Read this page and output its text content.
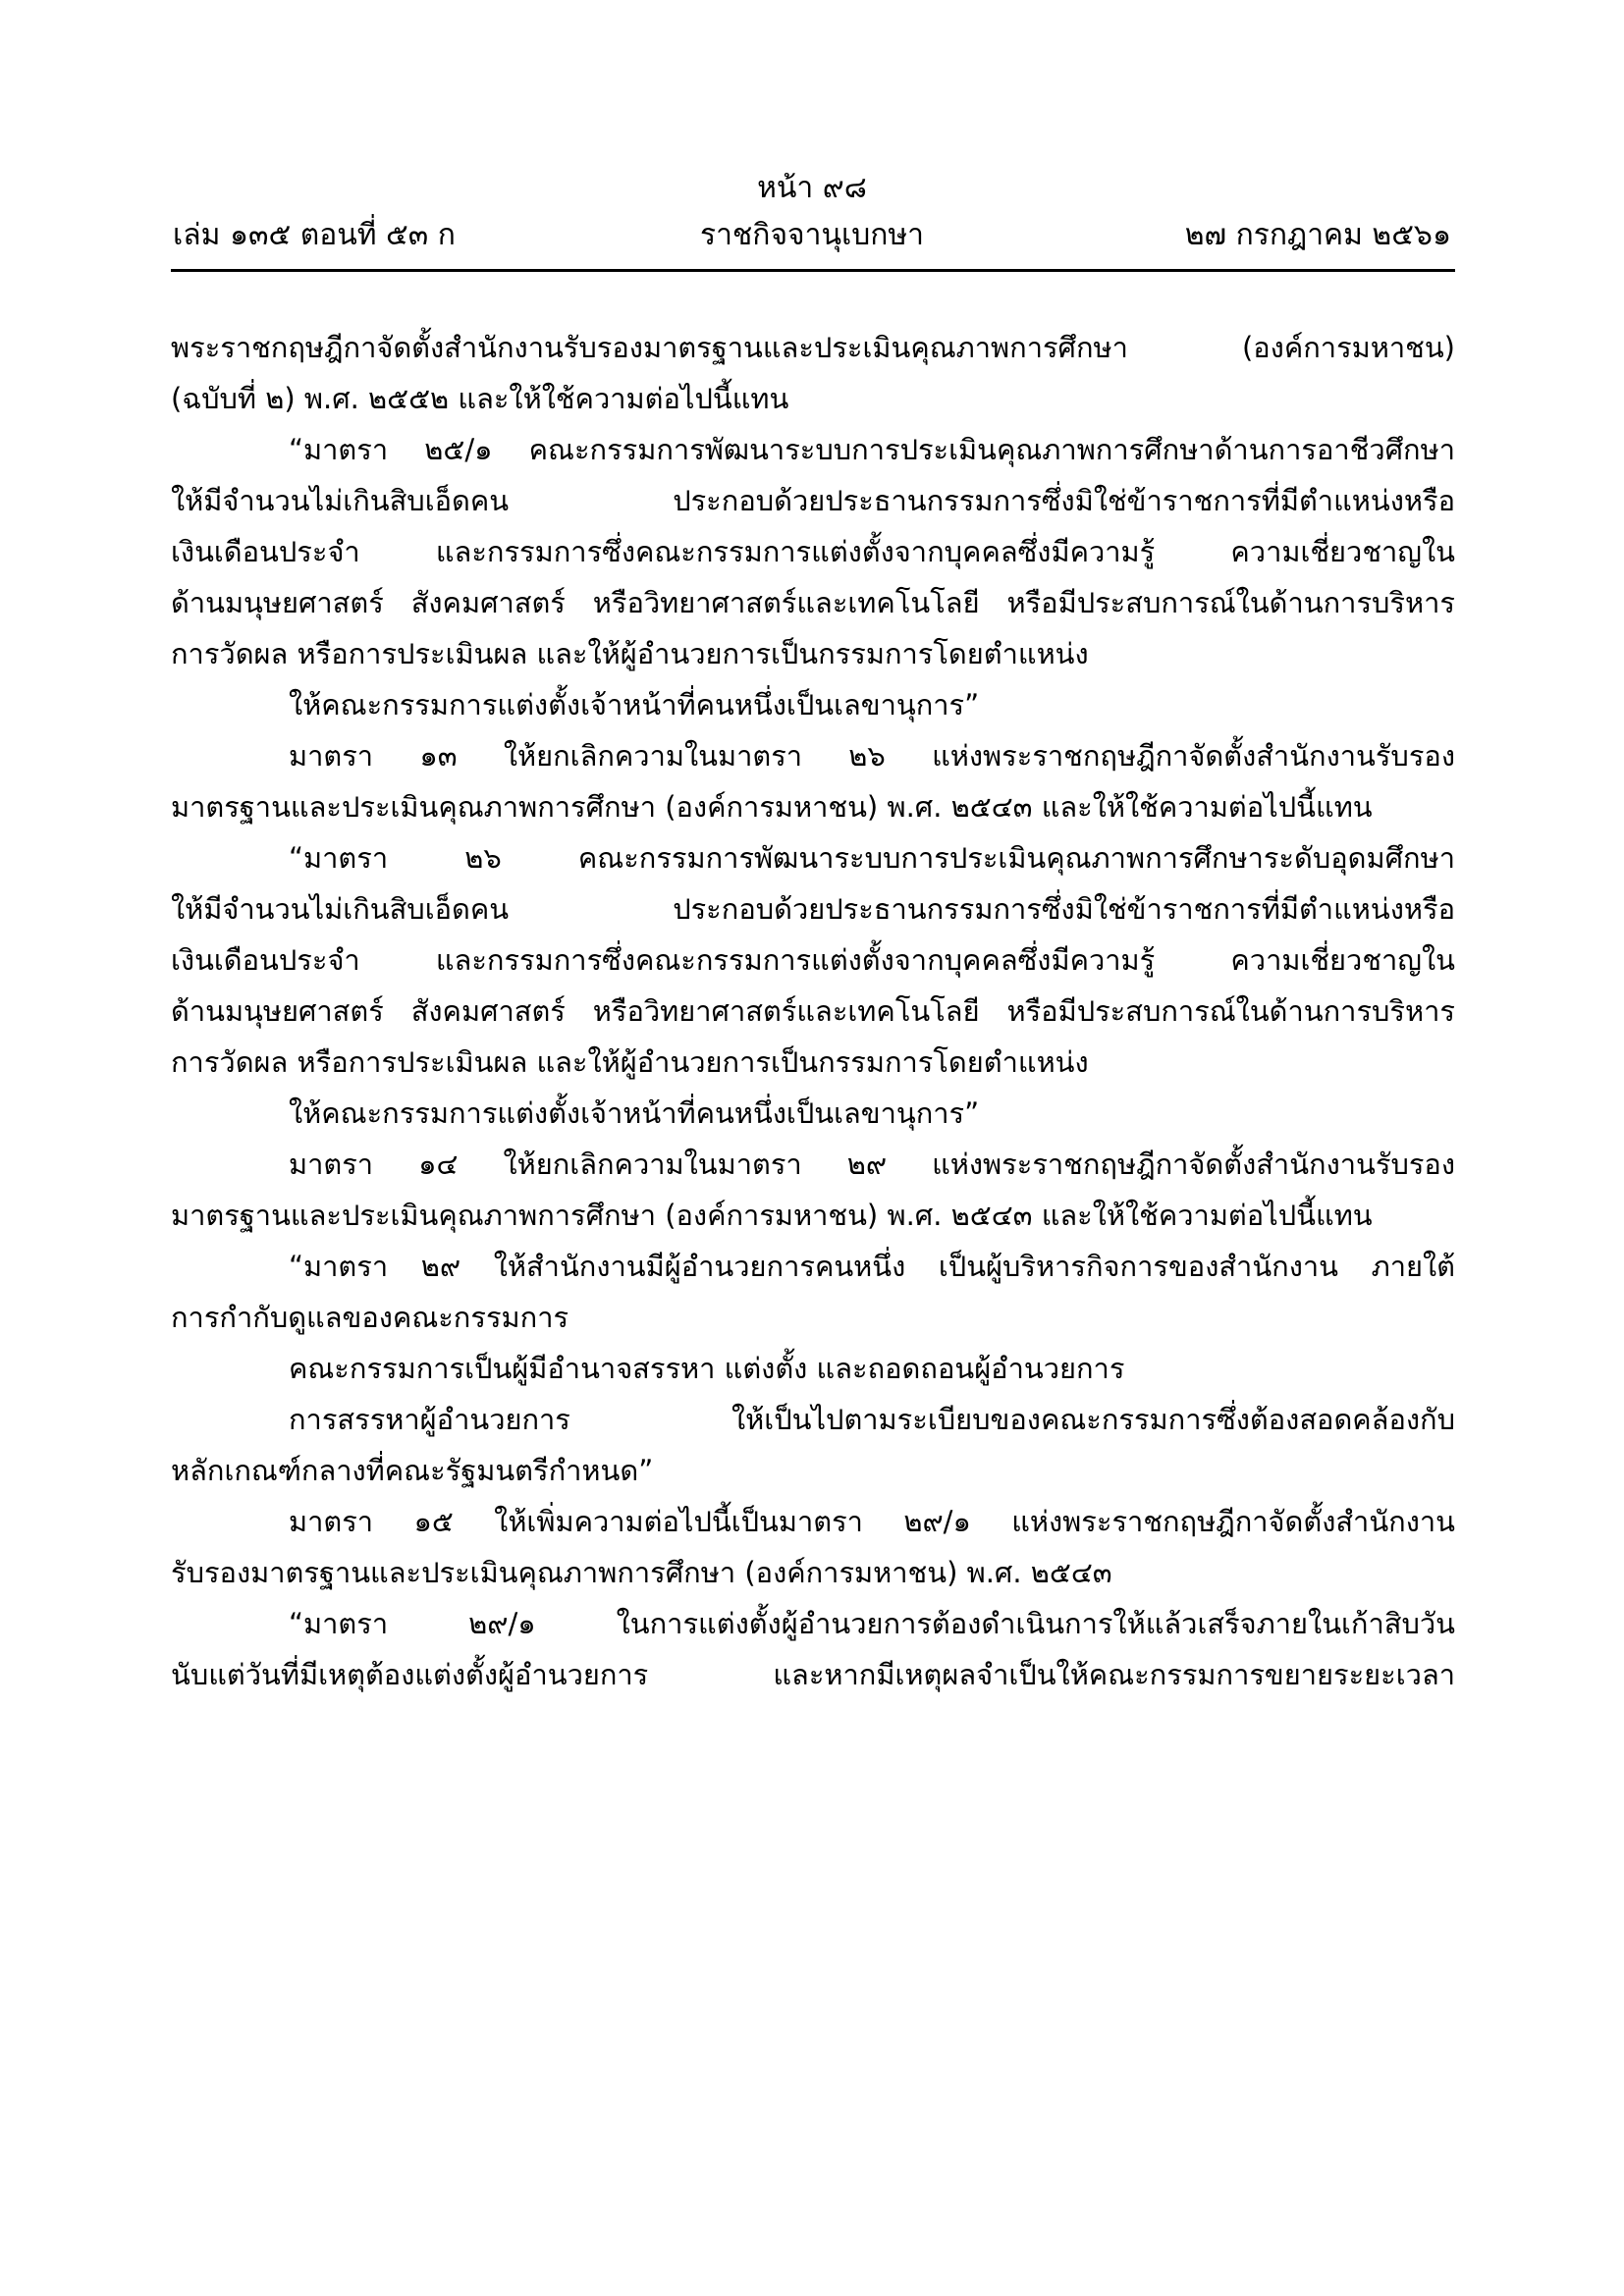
หน้า ๙๘
เล่ม ๑๓๕ ตอนที่ ๕๓ ก	ราชกิจจานุเบกษา	๒๗ กรกฎาคม ๒๕๖๑
พระราชกฤษฎีกาจัดตั้งสำนักงานรับรองมาตรฐานและประเมินคุณภาพการศึกษา (องค์การมหาชน)
(ฉบับที่ ๒) พ.ศ. ๒๕๕๒ และให้ใช้ความต่อไปนี้แทน
“มาตรา ๒๕/๑ คณะกรรมการพัฒนาระบบการประเมินคุณภาพการศึกษาด้านการอาชีวศึกษา
ให้มีจำนวนไม่เกินสิบเอ็ดคน ประกอบด้วยประธานกรรมการซึ่งมิใช่ข้าราชการที่มีตำแหน่งหรือ
เงินเดือนประจำ และกรรมการซึ่งคณะกรรมการแต่งตั้งจากบุคคลซึ่งมีความรู้ ความเชี่ยวชาญใน
ด้านมนุษยศาสตร์ สังคมศาสตร์ หรือวิทยาศาสตร์และเทคโนโลยี หรือมีประสบการณ์ในด้านการบริหาร
การวัดผล หรือการประเมินผล และให้ผู้อำนวยการเป็นกรรมการโดยตำแหน่ง
ให้คณะกรรมการแต่งตั้งเจ้าหน้าที่คนหนึ่งเป็นเลขานุการ”
มาตรา ๑๓ ให้ยกเลิกความในมาตรา ๒๖ แห่งพระราชกฤษฎีกาจัดตั้งสำนักงานรับรอง
มาตรฐานและประเมินคุณภาพการศึกษา (องค์การมหาชน) พ.ศ. ๒๕๔๓ และให้ใช้ความต่อไปนี้แทน
“มาตรา ๒๖ คณะกรรมการพัฒนาระบบการประเมินคุณภาพการศึกษาระดับอุดมศึกษา
ให้มีจำนวนไม่เกินสิบเอ็ดคน ประกอบด้วยประธานกรรมการซึ่งมิใช่ข้าราชการที่มีตำแหน่งหรือ
เงินเดือนประจำ และกรรมการซึ่งคณะกรรมการแต่งตั้งจากบุคคลซึ่งมีความรู้ ความเชี่ยวชาญใน
ด้านมนุษยศาสตร์ สังคมศาสตร์ หรือวิทยาศาสตร์และเทคโนโลยี หรือมีประสบการณ์ในด้านการบริหาร
การวัดผล หรือการประเมินผล และให้ผู้อำนวยการเป็นกรรมการโดยตำแหน่ง
ให้คณะกรรมการแต่งตั้งเจ้าหน้าที่คนหนึ่งเป็นเลขานุการ”
มาตรา ๑๔ ให้ยกเลิกความในมาตรา ๒๙ แห่งพระราชกฤษฎีกาจัดตั้งสำนักงานรับรอง
มาตรฐานและประเมินคุณภาพการศึกษา (องค์การมหาชน) พ.ศ. ๒๕๔๓ และให้ใช้ความต่อไปนี้แทน
“มาตรา ๒๙ ให้สำนักงานมีผู้อำนวยการคนหนึ่ง เป็นผู้บริหารกิจการของสำนักงาน ภายใต้
การกำกับดูแลของคณะกรรมการ
คณะกรรมการเป็นผู้มีอำนาจสรรหา แต่งตั้ง และถอดถอนผู้อำนวยการ
การสรรหาผู้อำนวยการ ให้เป็นไปตามระเบียบของคณะกรรมการซึ่งต้องสอดคล้องกับ
หลักเกณฑ์กลางที่คณะรัฐมนตรีกำหนด”
มาตรา ๑๕ ให้เพิ่มความต่อไปนี้เป็นมาตรา ๒๙/๑ แห่งพระราชกฤษฎีกาจัดตั้งสำนักงาน
รับรองมาตรฐานและประเมินคุณภาพการศึกษา (องค์การมหาชน) พ.ศ. ๒๕๔๓
“มาตรา ๒๙/๑ ในการแต่งตั้งผู้อำนวยการต้องดำเนินการให้แล้วเสร็จภายในเก้าสิบวัน
นับแต่วันที่มีเหตุต้องแต่งตั้งผู้อำนวยการ และหากมีเหตุผลจำเป็นให้คณะกรรมการขยายระยะเวลา
